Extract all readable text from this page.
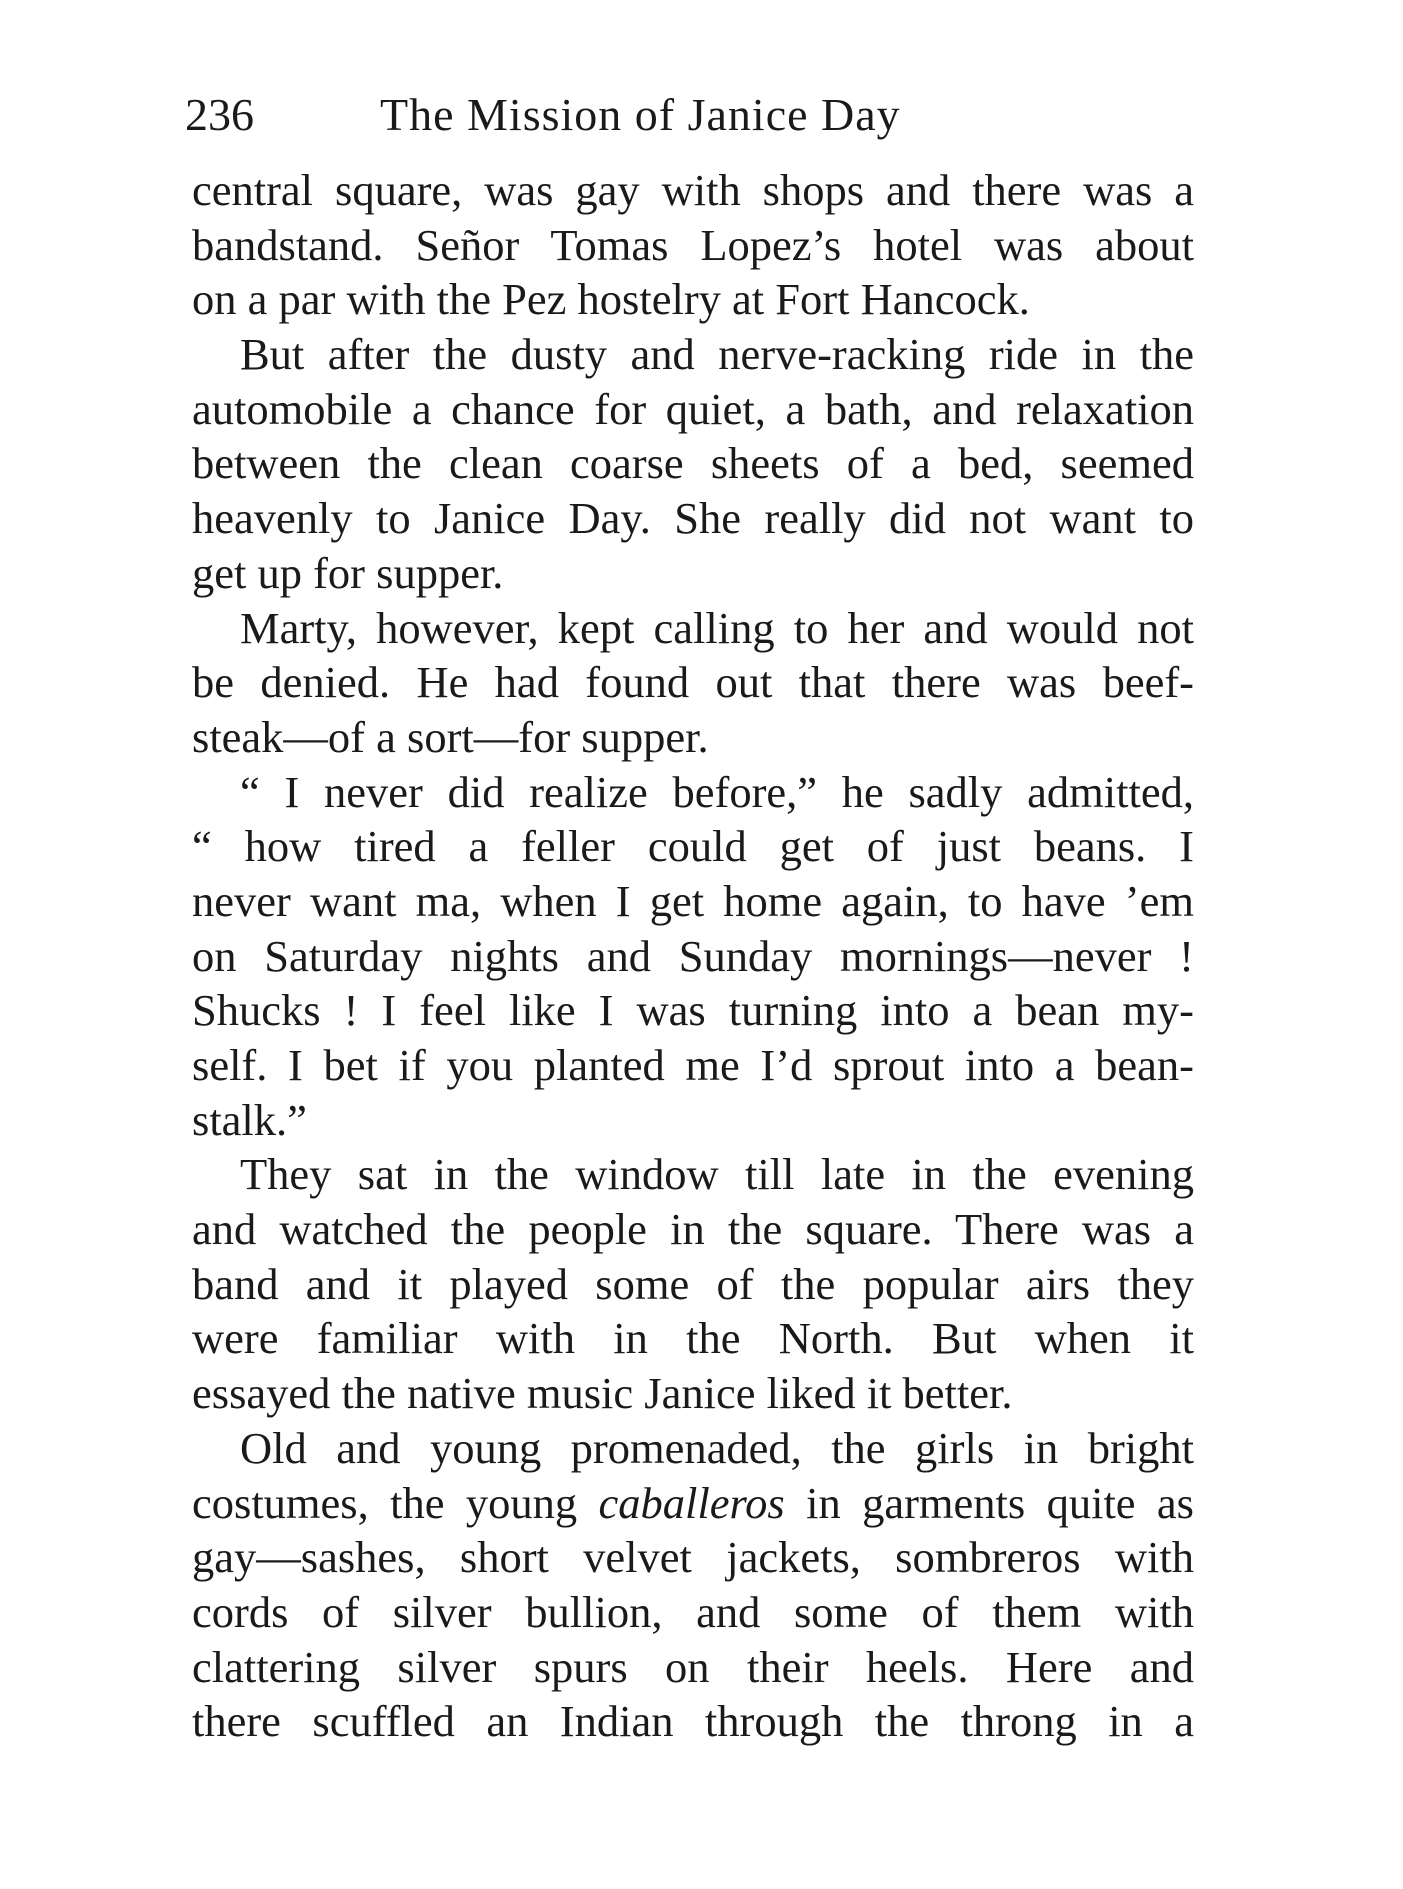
236	The Mission of Janice Day
central square, was gay with shops and there was a
bandstand. Señor Tomas Lopez’s hotel was about
on a par with the Pez hostelry at Fort Hancock.
But after the dusty and nerve-racking ride in the
automobile a chance for quiet, a bath, and relaxation
between the clean coarse sheets of a bed, seemed
heavenly to Janice Day. She really did not want to
get up for supper.
Marty, however, kept calling to her and would not
be denied. He had found out that there was beef-
steak—of a sort—for supper.
“ I never did realize before,” he sadly admitted,
“ how tired a feller could get of just beans. I
never want ma, when I get home again, to have ’em
on Saturday nights and Sunday mornings—never !
Shucks ! I feel like I was turning into a bean my-
self. I bet if you planted me I’d sprout into a bean-
stalk.”
They sat in the window till late in the evening
and watched the people in the square. There was a
band and it played some of the popular airs they
were familiar with in the North. But when it
essayed the native music Janice liked it better.
Old and young promenaded, the girls in bright
costumes, the young caballeros in garments quite as
gay—sashes, short velvet jackets, sombreros with
cords of silver bullion, and some of them with
clattering silver spurs on their heels. Here and
there scuffled an Indian through the throng in a
